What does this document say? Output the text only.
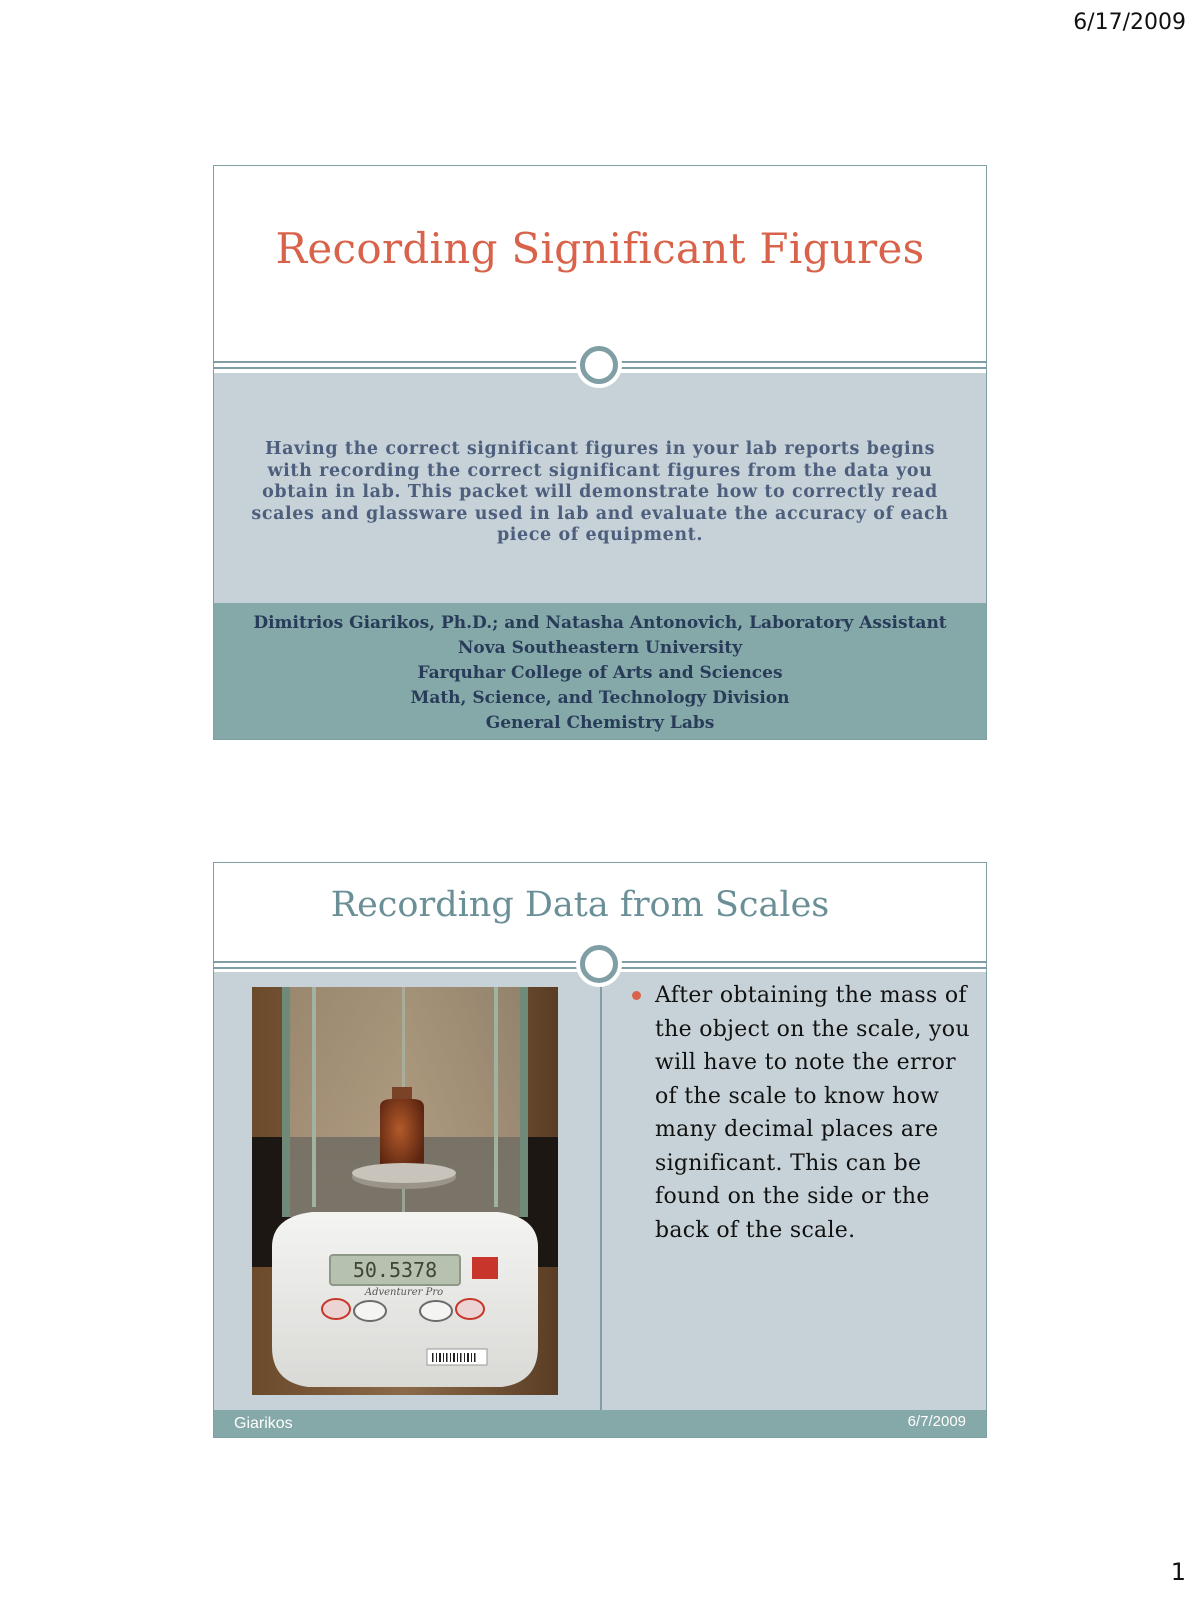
6/17/2009
Recording Significant Figures
Having the correct significant figures in your lab reports begins with recording the correct significant figures from the data you obtain in lab. This packet will demonstrate how to correctly read scales and glassware used in lab and evaluate the accuracy of each piece of equipment.
Dimitrios Giarikos, Ph.D.; and Natasha Antonovich, Laboratory Assistant
Nova Southeastern University
Farquhar College of Arts and Sciences
Math, Science, and Technology Division
General Chemistry Labs
Recording Data from Scales
After obtaining the mass of the object on the scale, you will have to note the error of the scale to know how many decimal places are significant. This can be found on the side or the back of the scale.
Giarikos	6/7/2009
50.5378
Adventurer Pro
1
